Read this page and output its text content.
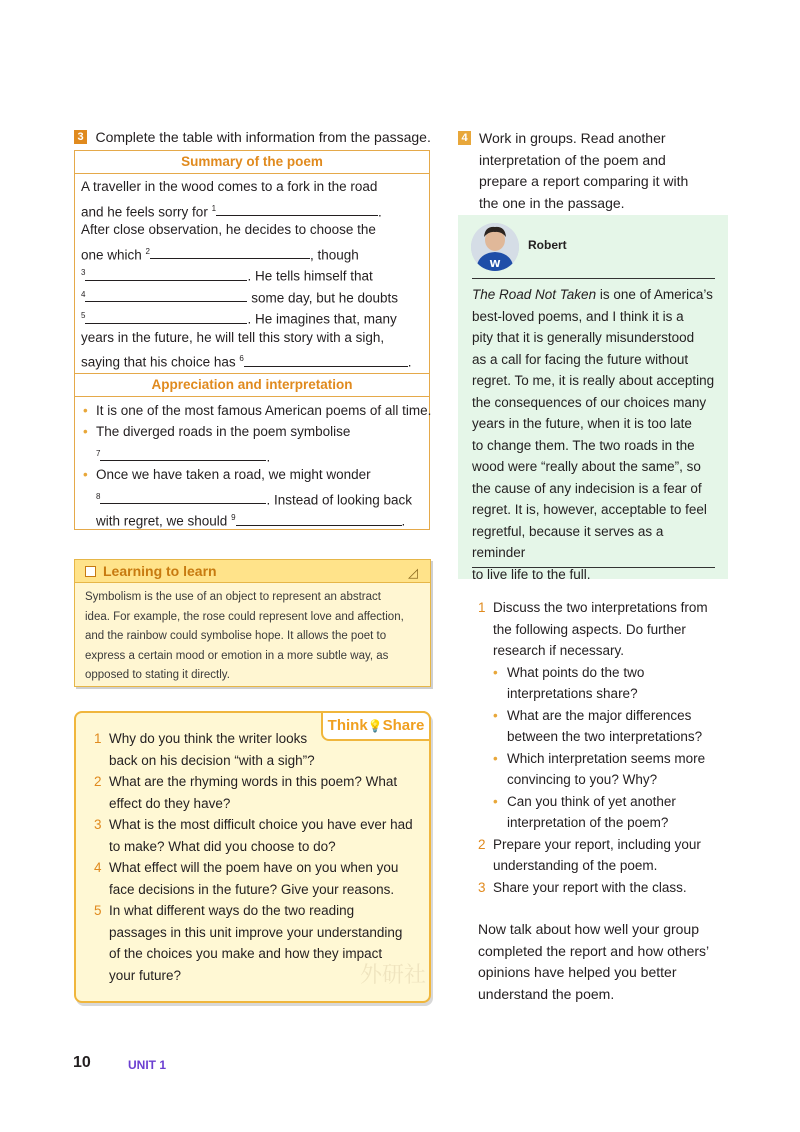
3 Complete the table with information from the passage.
Summary of the poem
A traveller in the wood comes to a fork in the road
and he feels sorry for $^1$	.
After close observation, he decides to choose the
one which $^2$	, though
$^3$	. He tells himself that
$^4$	some day, but he doubts
$^5$	. He imagines that, many
years in the future, he will tell this story with a sigh,
saying that his choice has $^6$	.
Appreciation and interpretation
• It is one of the most famous American poems of all time.
• The diverged roads in the poem symbolise
$^7$	.
• Once we have taken a road, we might wonder
$^8$	. Instead of looking back
with regret, we should $^9$	.
Learning to learn	◿
Symbolism is the use of an object to represent an abstract
idea. For example, the rose could represent love and affection,
and the rainbow could symbolise hope. It allows the poet to
express a certain mood or emotion in a more subtle way, as
opposed to stating it directly.
Think💡Share
1 Why do you think the writer looks
back on his decision “with a sigh”?
2 What are the rhyming words in this poem? What
effect do they have?
3 What is the most difficult choice you have ever had
to make? What did you choose to do?
4 What effect will the poem have on you when you
face decisions in the future? Give your reasons.
5 In what different ways do the two reading
passages in this unit improve your understanding
of the choices you make and how they impact
your future?	外研社
4 Work in groups. Read another
interpretation of the poem and
prepare a report comparing it with
the one in the passage.
W
Robert
The Road Not Taken is one of America’s
best-loved poems, and I think it is a
pity that it is generally misunderstood
as a call for facing the future without
regret. To me, it is really about accepting
the consequences of our choices many
years in the future, when it is too late
to change them. The two roads in the
wood were “really about the same”, so
the cause of any indecision is a fear of
regret. It is, however, acceptable to feel
regretful, because it serves as a reminder
to live life to the full.
1 Discuss the two interpretations from
the following aspects. Do further
research if necessary.
• What points do the two
interpretations share?
• What are the major differences
between the two interpretations?
• Which interpretation seems more
convincing to you? Why?
• Can you think of yet another
interpretation of the poem?
2 Prepare your report, including your
understanding of the poem.
3 Share your report with the class.
Now talk about how well your group
completed the report and how others’
opinions have helped you better
understand the poem.
10	UNIT 1
